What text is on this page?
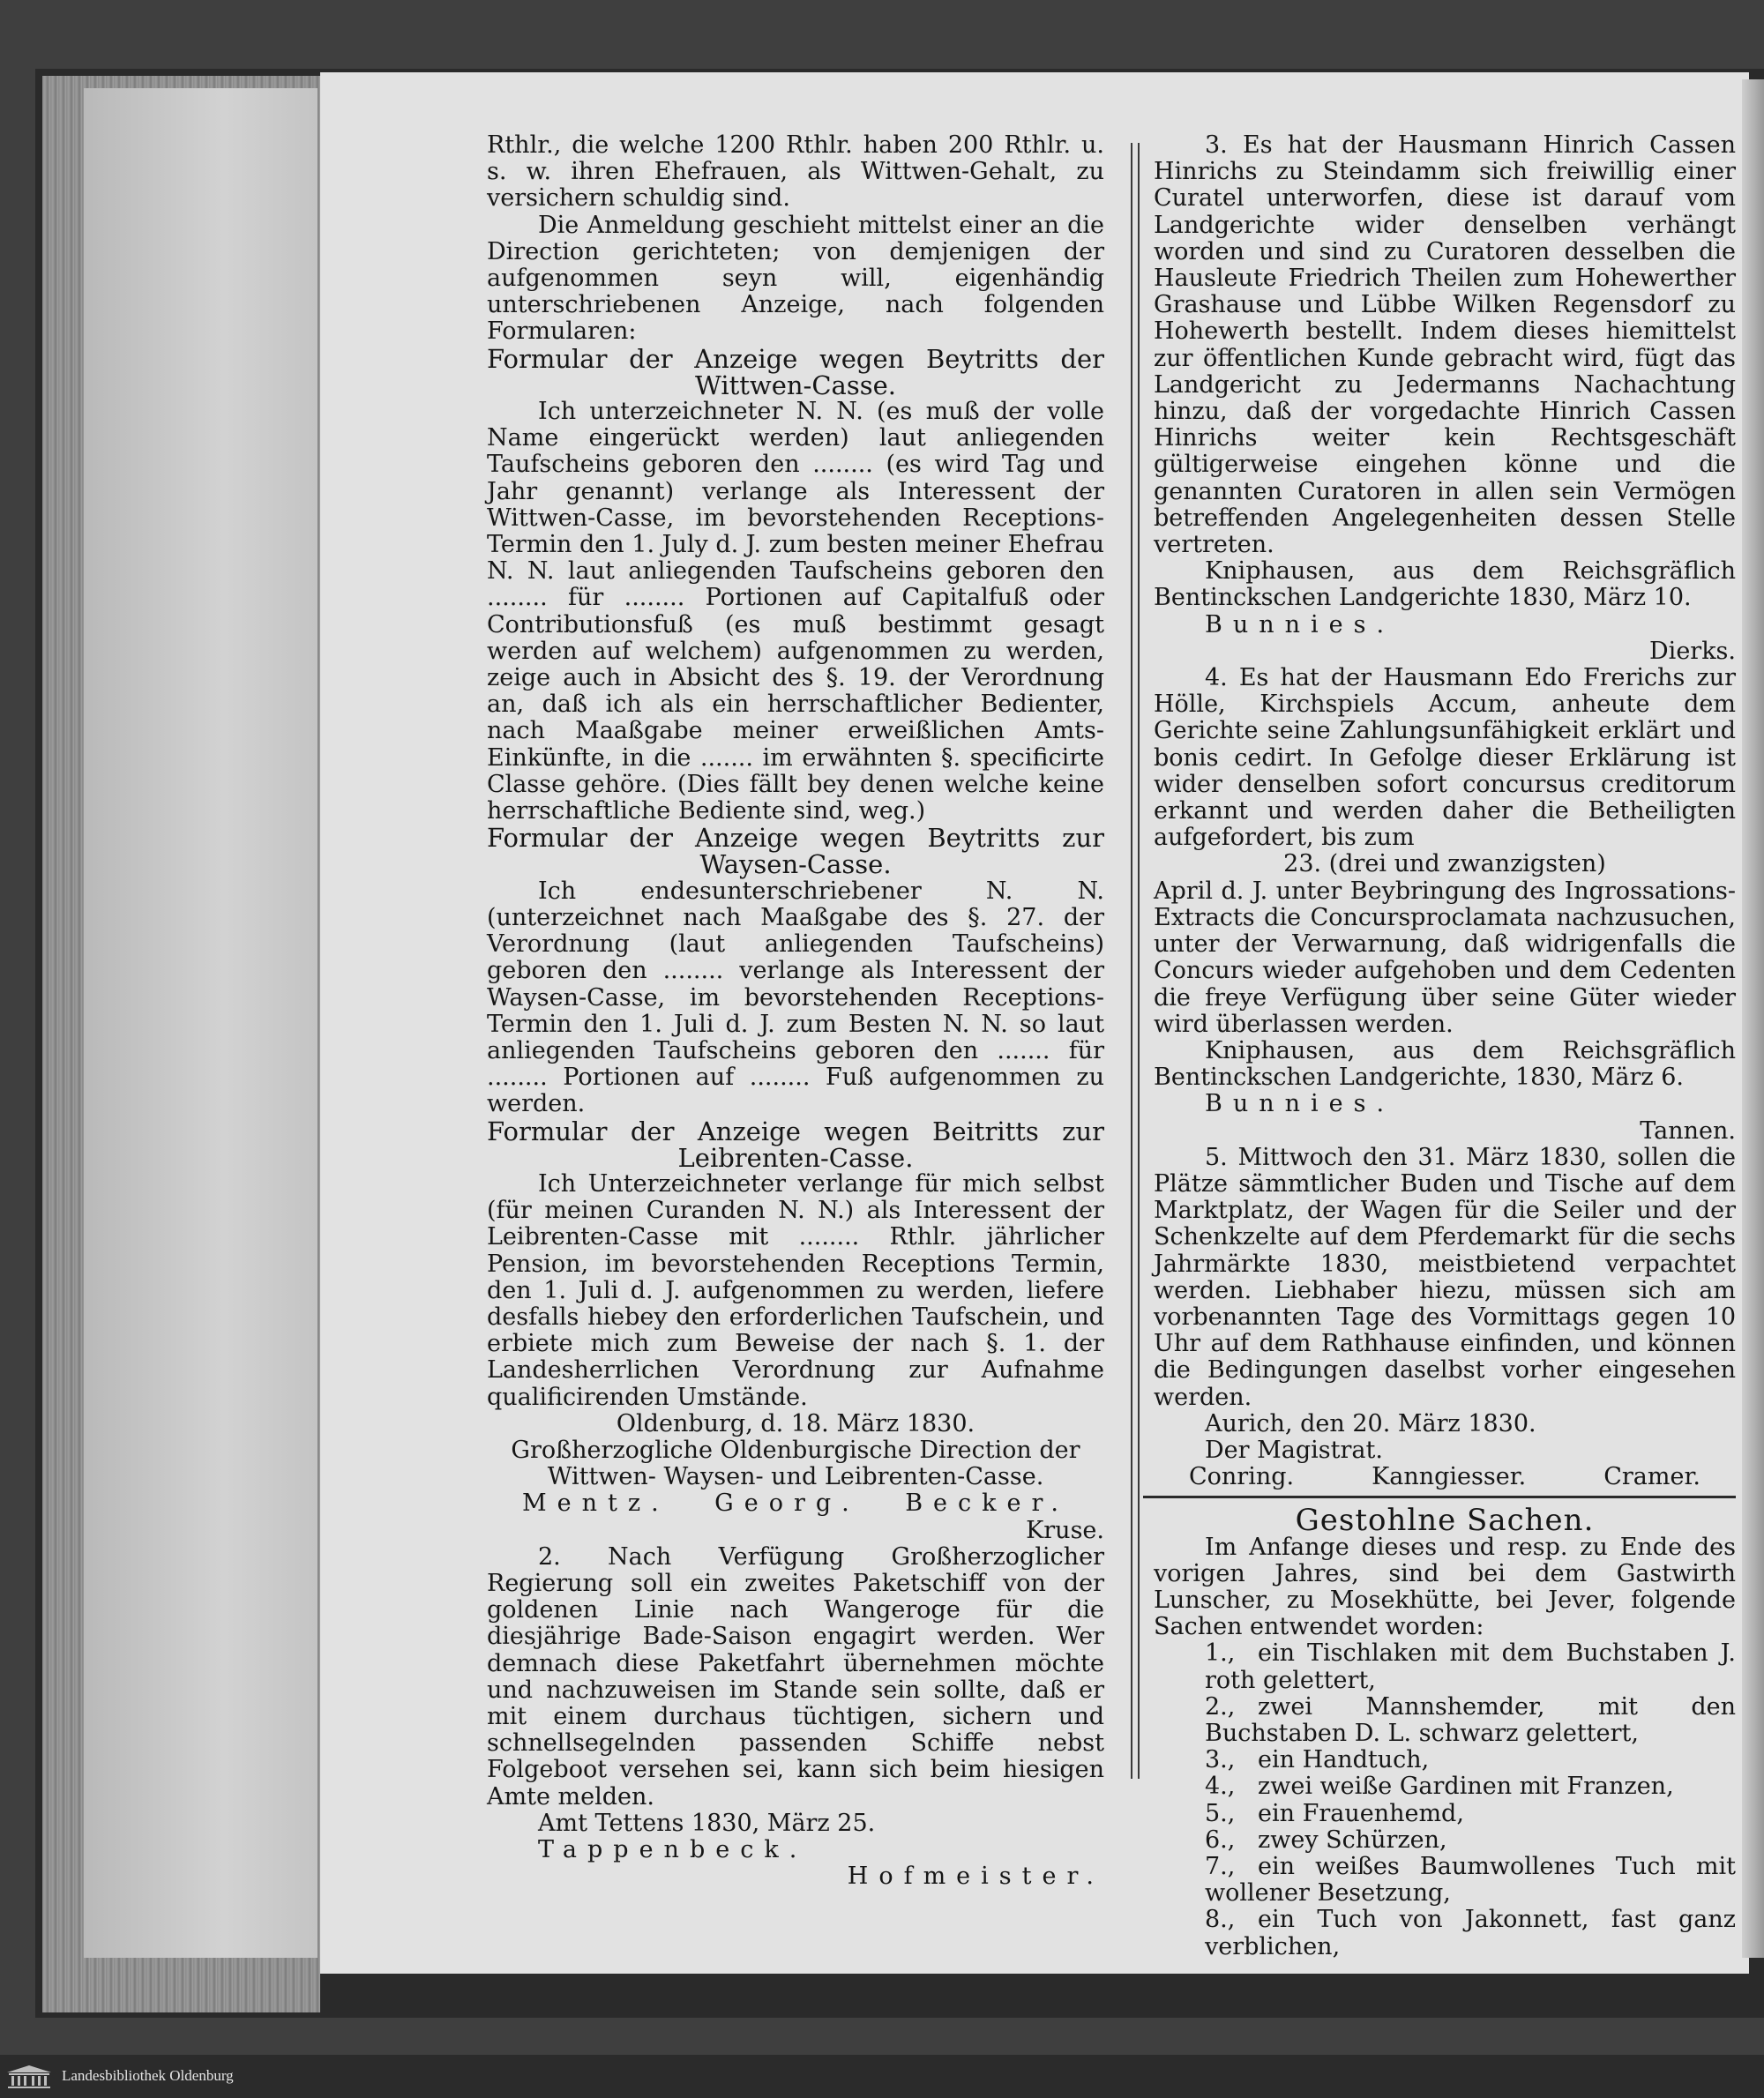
Rthlr., die welche 1200 Rthlr. haben 200 Rthlr. u. s. w. ihren Ehefrauen, als Wittwen-Gehalt, zu versichern schuldig sind.

Die Anmeldung geschieht mittelst einer an die Direction gerichteten; von demjenigen der aufgenommen seyn will, eigenhändig unterschriebenen Anzeige, nach folgenden Formularen:

Formular der Anzeige wegen Beytritts der Wittwen-Casse.

Ich unterzeichneter N. N. (es muß der volle Name eingerückt werden) laut anliegenden Taufscheins geboren den ........ (es wird Tag und Jahr genannt) verlange als Interessent der Wittwen-Casse, im bevorstehenden Receptions-Termin den 1. July d. J. zum besten meiner Ehefrau N. N. laut anliegenden Taufscheins geboren den ........ für ........ Portionen auf Capitalfuß oder Contributionsfuß (es muß bestimmt gesagt werden auf welchem) aufgenommen zu werden, zeige auch in Absicht des §. 19. der Verordnung an, daß ich als ein herrschaftlicher Bedienter, nach Maaßgabe meiner erweißlichen Amts-Einkünfte, in die ....... im erwähnten §. specificirte Classe gehöre. (Dies fällt bey denen welche keine herrschaftliche Bediente sind, weg.)

Formular der Anzeige wegen Beytritts zur Waysen-Casse.

Ich endesunterschriebener N. N. (unterzeichnet nach Maaßgabe des §. 27. der Verordnung (laut anliegenden Taufscheins) geboren den ........ verlange als Interessent der Waysen-Casse, im bevorstehenden Receptions-Termin den 1. Juli d. J. zum Besten N. N. so laut anliegenden Taufscheins geboren den ....... für ........ Portionen auf ........ Fuß aufgenommen zu werden.

Formular der Anzeige wegen Beitritts zur Leibrenten-Casse.

Ich Unterzeichneter verlange für mich selbst (für meinen Curanden N. N.) als Interessent der Leibrenten-Casse mit ........ Rthlr. jährlicher Pension, im bevorstehenden Receptions Termin, den 1. Juli d. J. aufgenommen zu werden, liefere desfalls hiebey den erforderlichen Taufschein, und erbiete mich zum Beweise der nach §. 1. der Landesherrlichen Verordnung zur Aufnahme qualificirenden Umstände.

Oldenburg, d. 18. März 1830.

Großherzogliche Oldenburgische Direction der Wittwen- Waysen- und Leibrenten-Casse.

Mentz. Georg. Becker.

Kruse.

2. Nach Verfügung Großherzoglicher Regierung soll ein zweites Paketschiff von der goldenen Linie nach Wangeroge für die diesjährige Bade-Saison engagirt werden. Wer demnach diese Paketfahrt übernehmen möchte und nachzuweisen im Stande sein sollte, daß er mit einem durchaus tüchtigen, sichern und schnellsegelnden passenden Schiffe nebst Folgeboot versehen sei, kann sich beim hiesigen Amte melden.

Amt Tettens 1830, März 25.

Tappenbeck.

Hofmeister.

3. Es hat der Hausmann Hinrich Cassen Hinrichs zu Steindamm sich freiwillig einer Curatel unterworfen, diese ist darauf vom Landgerichte wider denselben verhängt worden und sind zu Curatoren desselben die Hausleute Friedrich Theilen zum Hohewerther Grashause und Lübbe Wilken Regensdorf zu Hohewerth bestellt. Indem dieses hiemittelst zur öffentlichen Kunde gebracht wird, fügt das Landgericht zu Jedermanns Nachachtung hinzu, daß der vorgedachte Hinrich Cassen Hinrichs weiter kein Rechtsgeschäft gültigerweise eingehen könne und die genannten Curatoren in allen sein Vermögen betreffenden Angelegenheiten dessen Stelle vertreten.

Kniphausen, aus dem Reichsgräflich Bentinckschen Landgerichte 1830, März 10.

Bunnies.

Dierks.

4. Es hat der Hausmann Edo Frerichs zur Hölle, Kirchspiels Accum, anheute dem Gerichte seine Zahlungsunfähigkeit erklärt und bonis cedirt. In Gefolge dieser Erklärung ist wider denselben sofort concursus creditorum erkannt und werden daher die Betheiligten aufgefordert, bis zum

23. (drei und zwanzigsten)

April d. J. unter Beybringung des Ingrossations-Extracts die Concursproclamata nachzusuchen, unter der Verwarnung, daß widrigenfalls die Concurs wieder aufgehoben und dem Cedenten die freye Verfügung über seine Güter wieder wird überlassen werden.

Kniphausen, aus dem Reichsgräflich Bentinckschen Landgerichte, 1830, März 6.

Bunnies.

Tannen.

5. Mittwoch den 31. März 1830, sollen die Plätze sämmtlicher Buden und Tische auf dem Marktplatz, der Wagen für die Seiler und der Schenkzelte auf dem Pferdemarkt für die sechs Jahrmärkte 1830, meistbietend verpachtet werden. Liebhaber hiezu, müssen sich am vorbenannten Tage des Vormittags gegen 10 Uhr auf dem Rathhause einfinden, und können die Bedingungen daselbst vorher eingesehen werden.

Aurich, den 20. März 1830.

Der Magistrat.

Conring. Kanngiesser. Cramer.

Gestohlne Sachen.

Im Anfange dieses und resp. zu Ende des vorigen Jahres, sind bei dem Gastwirth Lunscher, zu Mosekhütte, bei Jever, folgende Sachen entwendet worden:

1., ein Tischlaken mit dem Buchstaben J. roth gelettert,

2., zwei Mannshemder, mit den Buchstaben D. L. schwarz gelettert,

3., ein Handtuch,

4., zwei weiße Gardinen mit Franzen,

5., ein Frauenhemd,

6., zwey Schürzen,

7., ein weißes Baumwollenes Tuch mit wollener Besetzung,

8., ein Tuch von Jakonnett, fast ganz verblichen,

Landesbibliothek Oldenburg
